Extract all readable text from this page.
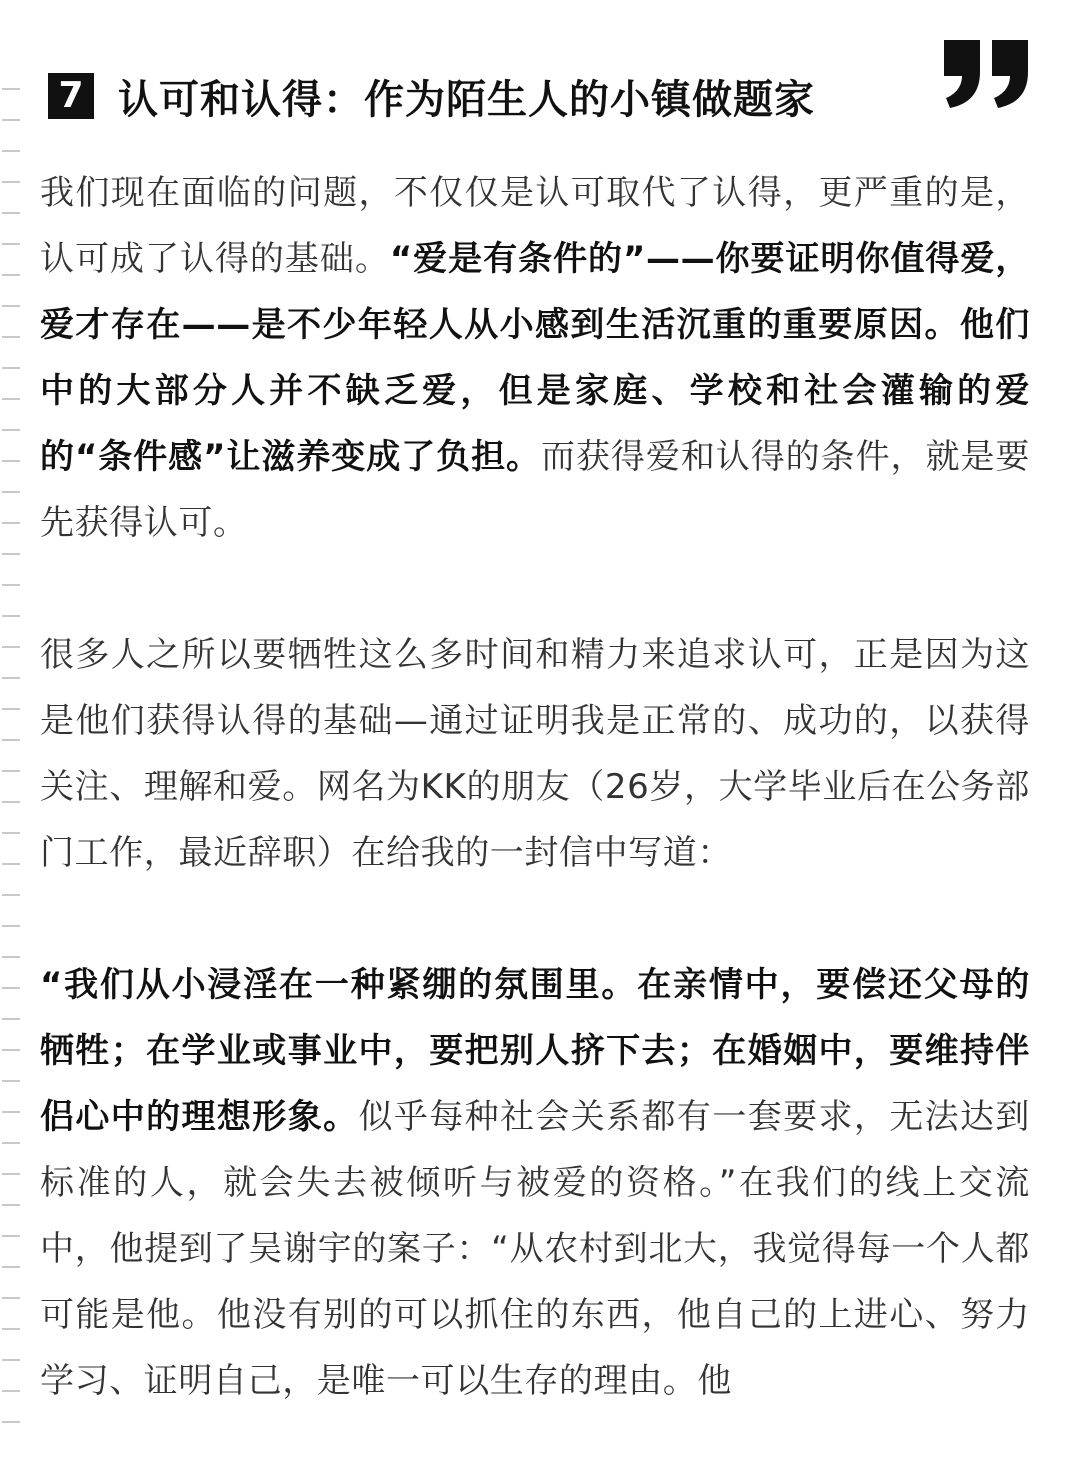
7 认可和认得：作为陌生人的小镇做题家

我们现在面临的问题，不仅仅是认可取代了认得，更严重的是，认可成了认得的基础。“爱是有条件的”——你要证明你值得爱，爱才存在——是不少年轻人从小感到生活沉重的重要原因。他们中的大部分人并不缺乏爱，但是家庭、学校和社会灌输的爱的“条件感”让滋养变成了负担。而获得爱和认得的条件，就是要先获得认可。

很多人之所以要牺牲这么多时间和精力来追求认可，正是因为这是他们获得认得的基础—通过证明我是正常的、成功的，以获得关注、理解和爱。网名为KK的朋友（26岁，大学毕业后在公务部门工作，最近辞职）在给我的一封信中写道：

“我们从小浸淫在一种紧绷的氛围里。在亲情中，要偿还父母的牺牲；在学业或事业中，要把别人挤下去；在婚姻中，要维持伴侣心中的理想形象。似乎每种社会关系都有一套要求，无法达到标准的人，就会失去被倾听与被爱的资格。”在我们的线上交流中，他提到了吴谢宇的案子：“从农村到北大，我觉得每一个人都可能是他。他没有别的可以抓住的东西，他自己的上进心、努力学习、证明自己，是唯一可以生存的理由。他
